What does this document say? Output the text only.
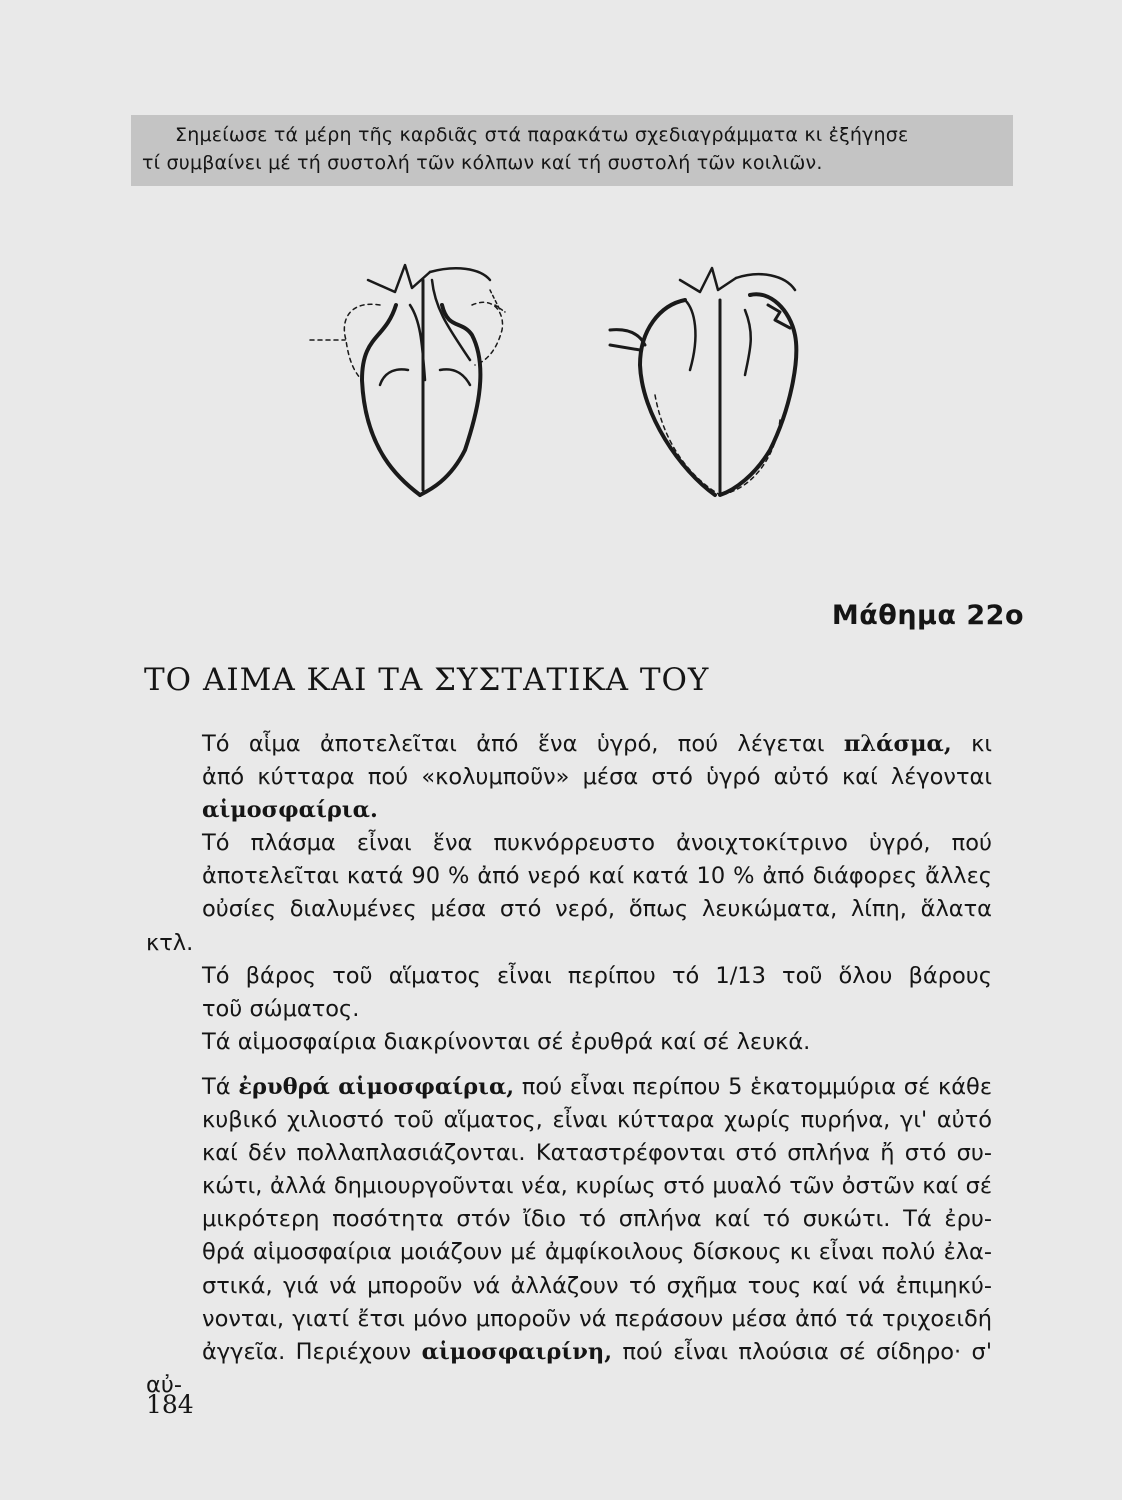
Σημείωσε τά μέρη τῆς καρδιᾶς στά παρακάτω σχεδιαγράμματα κι ἐξήγησε
τί συμβαίνει μέ τή συστολή τῶν κόλπων καί τή συστολή τῶν κοιλιῶν.
Μάθημα 22ο
ΤΟ ΑΙΜΑ ΚΑΙ ΤΑ ΣΥΣΤΑΤΙΚΑ ΤΟΥ

Τό αἷμα ἀποτελεῖται ἀπό ἕνα ὑγρό, πού λέγεται πλάσμα, κι
ἀπό κύτταρα πού «κολυμποῦν» μέσα στό ὑγρό αὐτό καί λέγονται
αἱμοσφαίρια.

Τό πλάσμα εἶναι ἕνα πυκνόρρευστο ἀνοιχτοκίτρινο ὑγρό, πού
ἀποτελεῖται κατά 90 % ἀπό νερό καί κατά 10 % ἀπό διάφορες ἄλλες
οὐσίες διαλυμένες μέσα στό νερό, ὅπως λευκώματα, λίπη, ἅλατα κτλ.

Τό βάρος τοῦ αἵματος εἶναι περίπου τό 1/13 τοῦ ὅλου βάρους
τοῦ σώματος.

Τά αἱμοσφαίρια διακρίνονται σέ ἐρυθρά καί σέ λευκά.

Τά ἐρυθρά αἱμοσφαίρια, πού εἶναι περίπου 5 ἑκατομμύρια σέ κάθε
κυβικό χιλιοστό τοῦ αἵματος, εἶναι κύτταρα χωρίς πυρήνα, γι' αὐτό
καί δέν πολλαπλασιάζονται. Καταστρέφονται στό σπλήνα ἤ στό συ-
κώτι, ἀλλά δημιουργοῦνται νέα, κυρίως στό μυαλό τῶν ὀστῶν καί σέ
μικρότερη ποσότητα στόν ἴδιο τό σπλήνα καί τό συκώτι. Τά ἐρυ-
θρά αἱμοσφαίρια μοιάζουν μέ ἀμφίκοιλους δίσκους κι εἶναι πολύ ἐλα-
στικά, γιά νά μποροῦν νά ἀλλάζουν τό σχῆμα τους καί νά ἐπιμηκύ-
νονται, γιατί ἔτσι μόνο μποροῦν νά περάσουν μέσα ἀπό τά τριχοειδή
ἀγγεῖα. Περιέχουν αἱμοσφαιρίνη, πού εἶναι πλούσια σέ σίδηρο· σ' αὐ-

184
